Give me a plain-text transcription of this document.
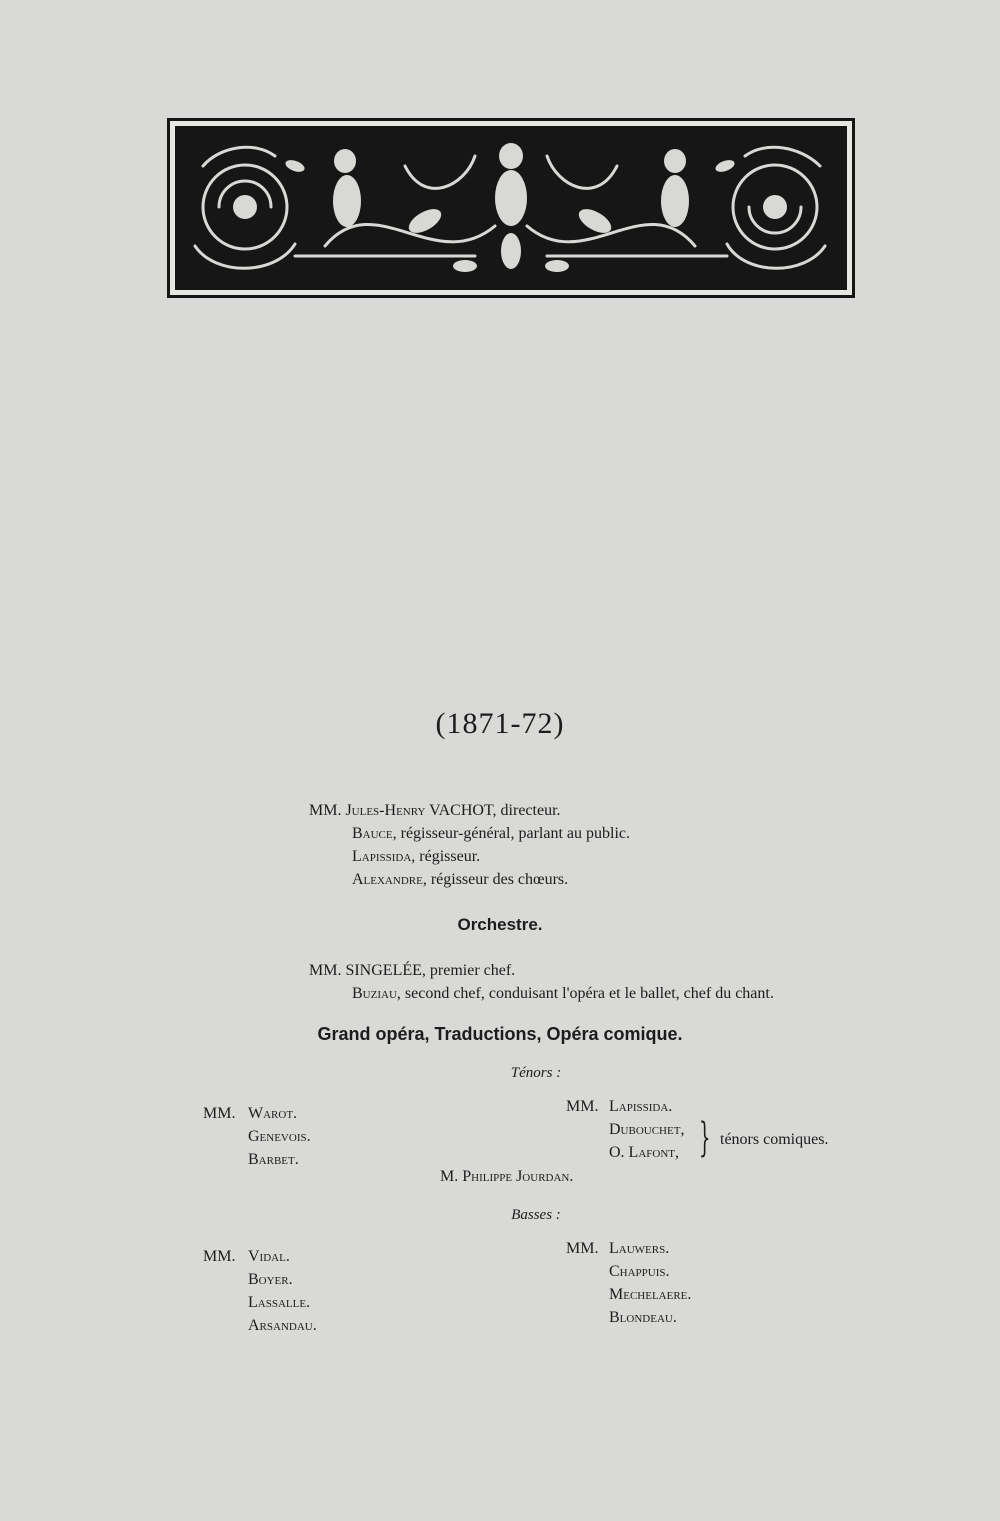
(1871-72)
MM. Jules-Henry VACHOT, directeur.
Bauce, régisseur-général, parlant au public.
Lapissida, régisseur.
Alexandre, régisseur des chœurs.
Orchestre.
MM. SINGELÉE, premier chef.
Buziau, second chef, conduisant l'opéra et le ballet, chef du chant.
Grand opéra, Traductions, Opéra comique.
Ténors :
MM. Warot.
Genevois.
Barbet.
MM. Lapissida.
Dubouchet,
O. Lafont, } ténors comiques.
M. Philippe Jourdan.
Basses :
MM. Vidal.
Boyer.
Lassalle.
Arsandau.
MM. Lauwers.
Chappuis.
Mechelaere.
Blondeau.
